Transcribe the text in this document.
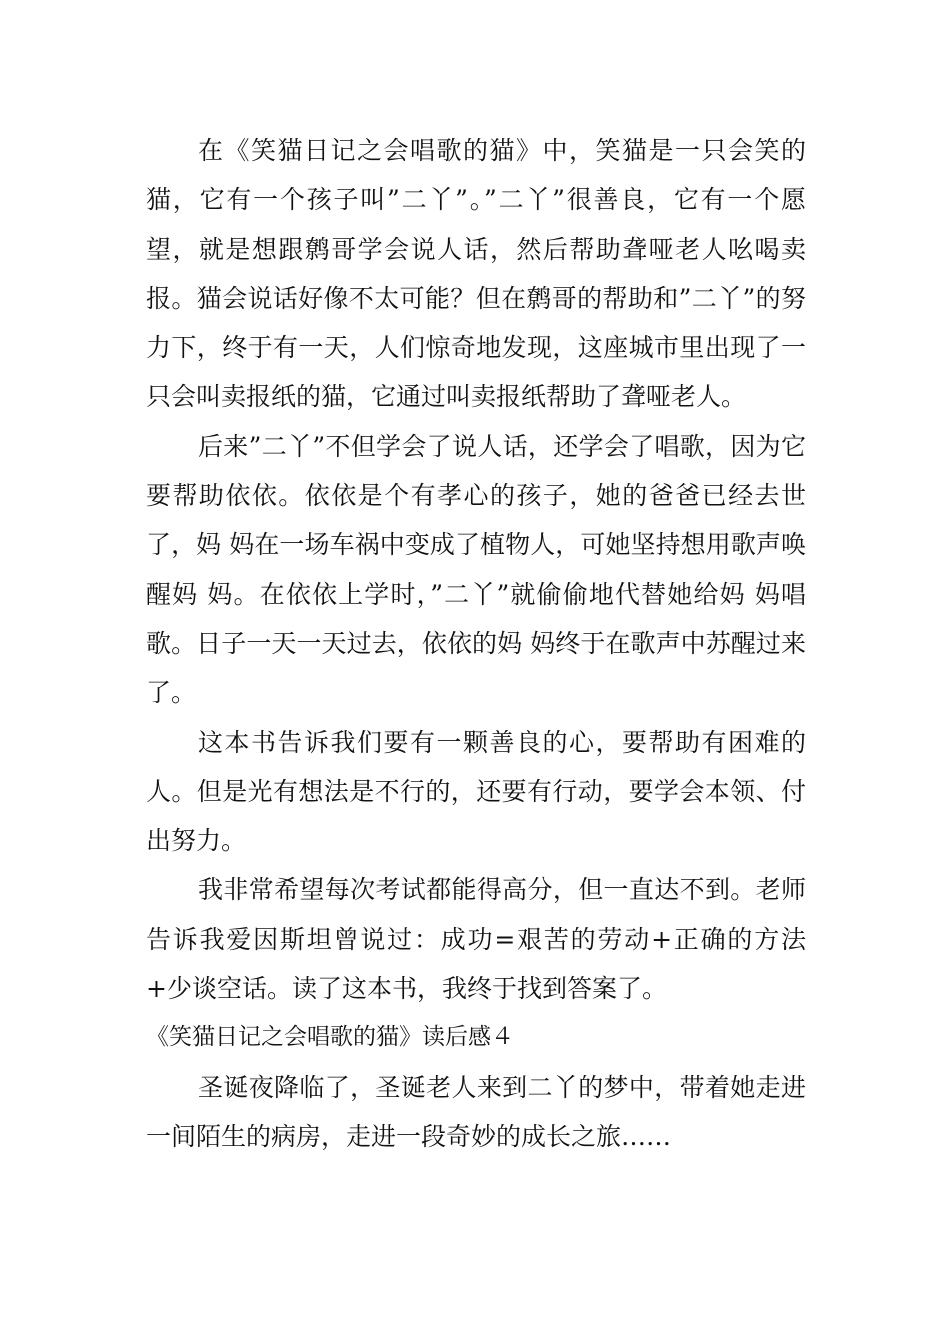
在《笑猫日记之会唱歌的猫》中，笑猫是一只会笑的猫，它有一个孩子叫”二丫”。”二丫”很善良，它有一个愿望，就是想跟鹩哥学会说人话，然后帮助聋哑老人吆喝卖报。猫会说话好像不太可能？但在鹩哥的帮助和”二丫”的努力下，终于有一天，人们惊奇地发现，这座城市里出现了一只会叫卖报纸的猫，它通过叫卖报纸帮助了聋哑老人。

后来”二丫”不但学会了说人话，还学会了唱歌，因为它要帮助依依。依依是个有孝心的孩子，她的爸爸已经去世了，妈 妈在一场车祸中变成了植物人，可她坚持想用歌声唤醒妈 妈。在依依上学时，”二丫”就偷偷地代替她给妈 妈唱歌。日子一天一天过去，依依的妈 妈终于在歌声中苏醒过来了。

这本书告诉我们要有一颗善良的心，要帮助有困难的人。但是光有想法是不行的，还要有行动，要学会本领、付出努力。

我非常希望每次考试都能得高分，但一直达不到。老师告诉我爱因斯坦曾说过：成功=艰苦的劳动+正确的方法+少谈空话。读了这本书，我终于找到答案了。

《笑猫日记之会唱歌的猫》读后感４

圣诞夜降临了，圣诞老人来到二丫的梦中，带着她走进一间陌生的病房，走进一段奇妙的成长之旅……
